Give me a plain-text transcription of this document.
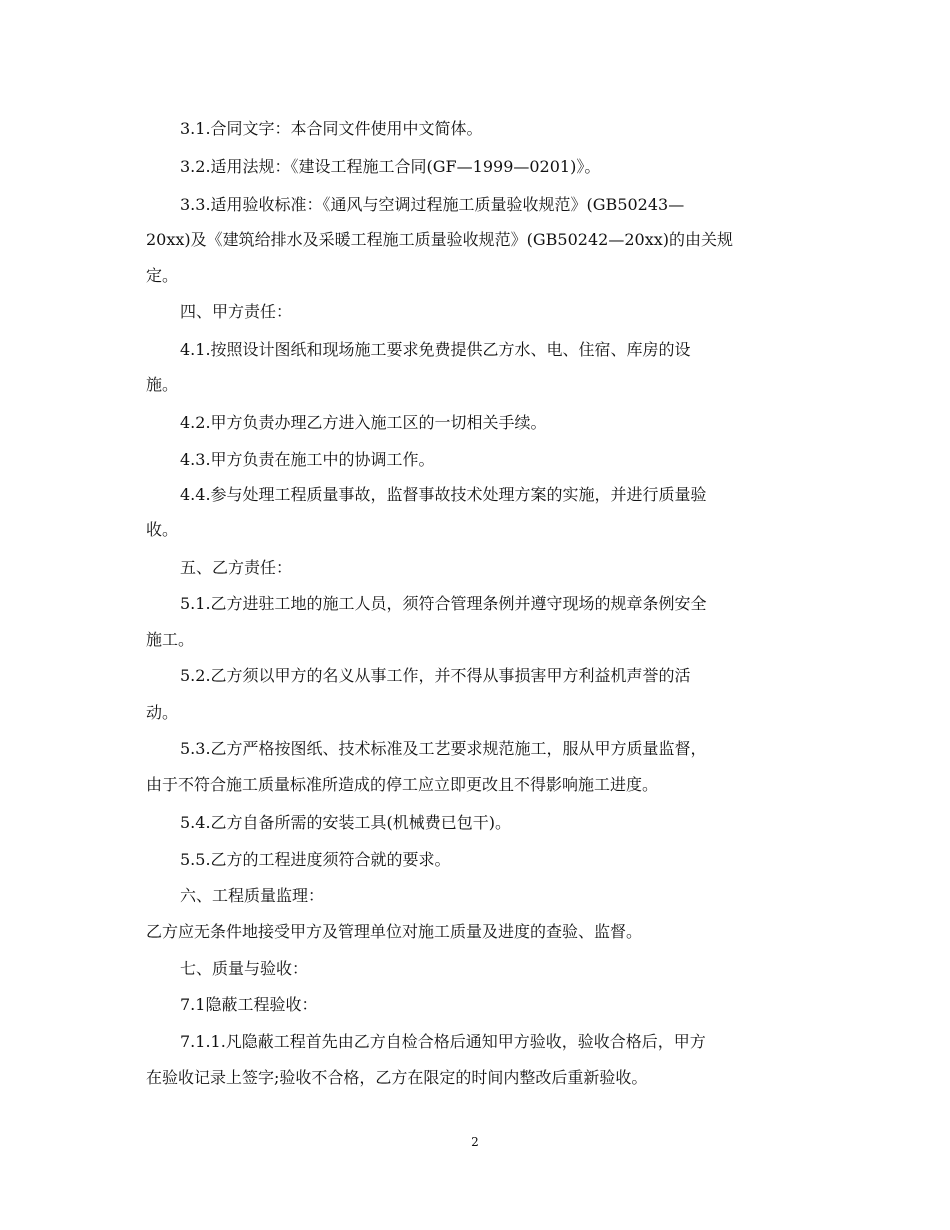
3.1.合同文字：本合同文件使用中文简体。
3.2.适用法规：《建设工程施工合同(GF—1999—0201)》。
3.3.适用验收标准：《通风与空调过程施工质量验收规范》(GB50243—
20xx)及《建筑给排水及采暖工程施工质量验收规范》(GB50242—20xx)的由关规
定。
四、甲方责任：
4.1.按照设计图纸和现场施工要求免费提供乙方水、电、住宿、库房的设
施。
4.2.甲方负责办理乙方进入施工区的一切相关手续。
4.3.甲方负责在施工中的协调工作。
4.4.参与处理工程质量事故，监督事故技术处理方案的实施，并进行质量验
收。
五、乙方责任：
5.1.乙方进驻工地的施工人员，须符合管理条例并遵守现场的规章条例安全
施工。
5.2.乙方须以甲方的名义从事工作，并不得从事损害甲方利益机声誉的活
动。
5.3.乙方严格按图纸、技术标准及工艺要求规范施工，服从甲方质量监督，
由于不符合施工质量标准所造成的停工应立即更改且不得影响施工进度。
5.4.乙方自备所需的安装工具(机械费已包干)。
5.5.乙方的工程进度须符合就的要求。
六、工程质量监理：
乙方应无条件地接受甲方及管理单位对施工质量及进度的查验、监督。
七、质量与验收：
7.1隐蔽工程验收：
7.1.1.凡隐蔽工程首先由乙方自检合格后通知甲方验收，验收合格后，甲方
在验收记录上签字;验收不合格，乙方在限定的时间内整改后重新验收。
2
